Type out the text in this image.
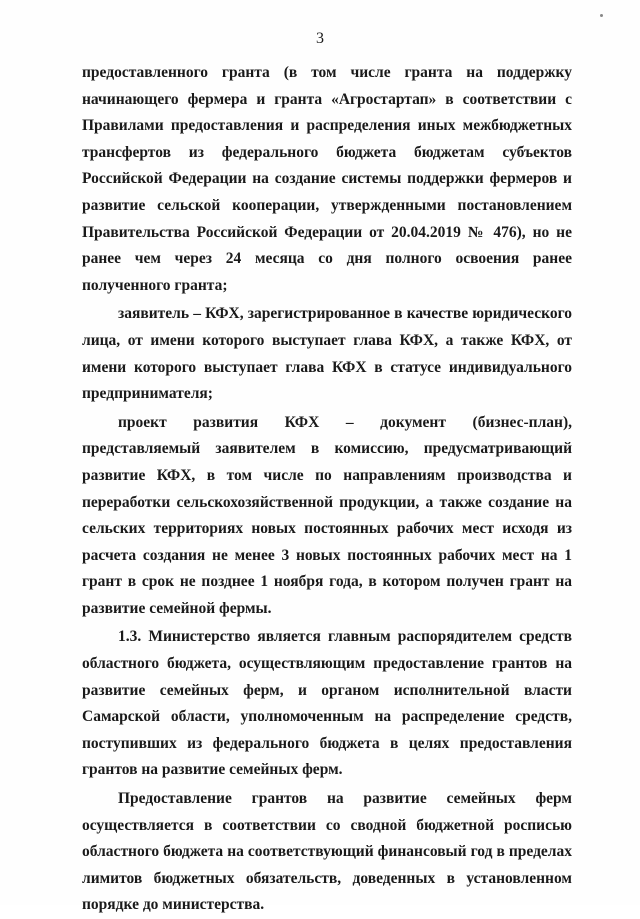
3

предоставленного гранта (в том числе гранта на поддержку начинающего фермера и гранта «Агростартап» в соответствии с Правилами предоставления и распределения иных межбюджетных трансфертов из федерального бюджета бюджетам субъектов Российской Федерации на создание системы поддержки фермеров и развитие сельской кооперации, утвержденными постановлением Правительства Российской Федерации от 20.04.2019 № 476), но не ранее чем через 24 месяца со дня полного освоения ранее полученного гранта;

заявитель – КФХ, зарегистрированное в качестве юридического лица, от имени которого выступает глава КФХ, а также КФХ, от имени которого выступает глава КФХ в статусе индивидуального предпринимателя;

проект развития КФХ – документ (бизнес-план), представляемый заявителем в комиссию, предусматривающий развитие КФХ, в том числе по направлениям производства и переработки сельскохозяйственной продукции, а также создание на сельских территориях новых постоянных рабочих мест исходя из расчета создания не менее 3 новых постоянных рабочих мест на 1 грант в срок не позднее 1 ноября года, в котором получен грант на развитие семейной фермы.

1.3. Министерство является главным распорядителем средств областного бюджета, осуществляющим предоставление грантов на развитие семейных ферм, и органом исполнительной власти Самарской области, уполномоченным на распределение средств, поступивших из федерального бюджета в целях предоставления грантов на развитие семейных ферм.

Предоставление грантов на развитие семейных ферм осуществляется в соответствии со сводной бюджетной росписью областного бюджета на соответствующий финансовый год в пределах лимитов бюджетных обязательств, доведенных в установленном порядке до министерства.
